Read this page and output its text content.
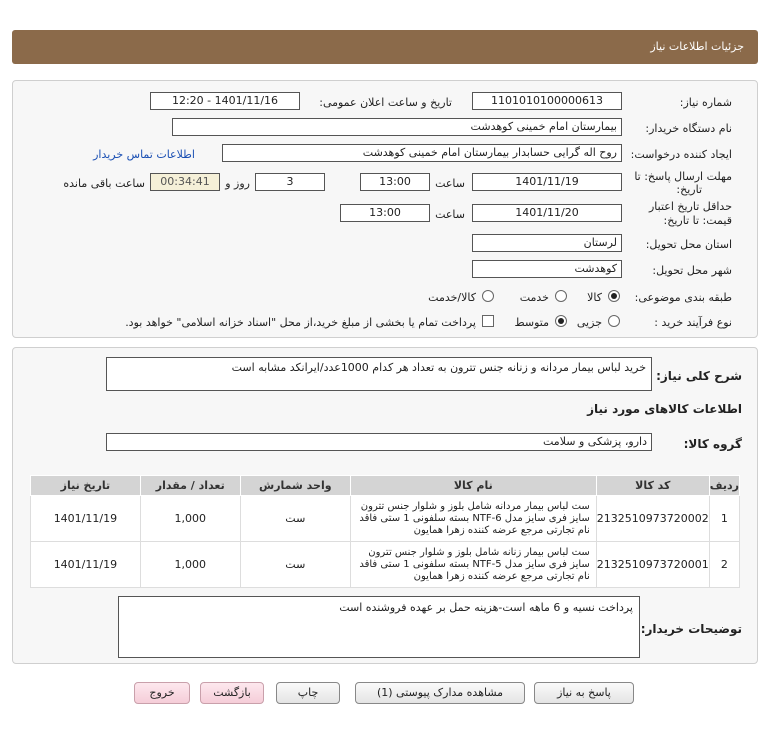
جزئیات اطلاعات نیاز
شماره نیاز:
1101010100000613
تاریخ و ساعت اعلان عمومی:
1401/11/16 - 12:20
نام دستگاه خریدار:
بیمارستان امام خمینی کوهدشت
ایجاد کننده درخواست:
روح اله گرایی حسابدار بیمارستان امام خمینی کوهدشت
اطلاعات تماس خریدار
مهلت ارسال پاسخ: تا
تاریخ:
1401/11/19
ساعت
13:00
3
روز و
00:34:41
ساعت باقی مانده
حداقل تاریخ اعتبار
قیمت: تا تاریخ:
1401/11/20
ساعت
13:00
استان محل تحویل:
لرستان
شهر محل تحویل:
کوهدشت
طبقه بندی موضوعی:
کالا
خدمت
کالا/خدمت
نوع فرآیند خرید :
جزیی
متوسط
پرداخت تمام یا بخشی از مبلغ خرید،از محل "اسناد خزانه اسلامی" خواهد بود.
شرح کلی نیاز:
خرید لباس بیمار مردانه و زنانه جنس تترون به تعداد هر کدام 1000عدد/ایرانکد مشابه است
اطلاعات کالاهای مورد نیاز
گروه کالا:
دارو، پزشکی و سلامت
ردیف	کد کالا	نام کالا	واحد شمارش	تعداد / مقدار	تاریخ نیاز
1	2132510973720002	ست لباس بیمار مردانه شامل بلوز و شلوار جنس تترون سایز فری سایز مدل NTF-6 بسته سلفونی 1 ستی فاقد نام تجارتی مرجع عرضه کننده زهرا همایون	ست	1,000	1401/11/19
2	2132510973720001	ست لباس بیمار زنانه شامل بلوز و شلوار جنس تترون سایز فری سایز مدل NTF-5 بسته سلفونی 1 ستی فاقد نام تجارتی مرجع عرضه کننده زهرا همایون	ست	1,000	1401/11/19
توضیحات خریدار:
پرداخت نسیه و 6 ماهه است-هزینه حمل بر عهده فروشنده است
پاسخ به نیاز
مشاهده مدارک پیوستی (1)
چاپ
بازگشت
خروج
